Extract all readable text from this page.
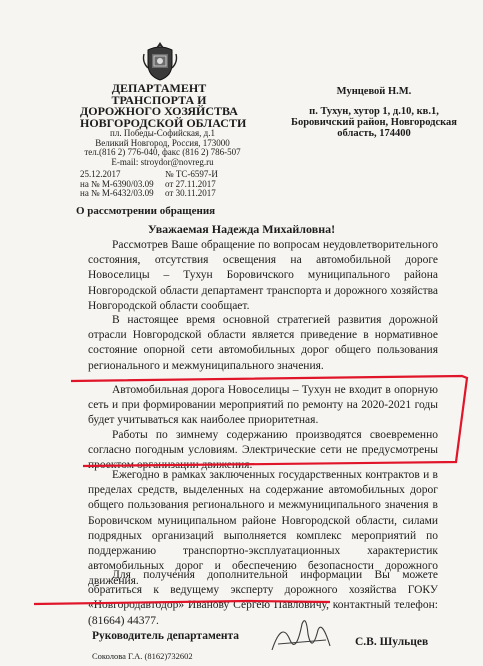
ДЕПАРТАМЕНТ
ТРАНСПОРТА И
ДОРОЖНОГО ХОЗЯЙСТВА
НОВГОРОДСКОЙ ОБЛАСТИ
пл. Победы-Софийская, д.1
Великий Новгород, Россия, 173000
тел.(816 2) 776-040, факс (816 2) 786-507
E-mail: stroydor@novreg.ru
25.12.2017
на № М-6390/03.09
на № М-6432/03.09
№ ТС-6597-И
от 27.11.2017
от 30.11.2017
О рассмотрении обращения
Мунцевой Н.М.
п. Тухун, хутор 1, д.10, кв.1,
Боровичский район, Новгородская
область, 174400
Уважаемая Надежда Михайловна!

Рассмотрев Ваше обращение по вопросам неудовлетворительного состояния, отсутствия освещения на автомобильной дороге Новоселицы – Тухун Боровичского муниципального района Новгородской области департамент транспорта и дорожного хозяйства Новгородской области сообщает.

В настоящее время основной стратегией развития дорожной отрасли Новгородской области является приведение в нормативное состояние опорной сети автомобильных дорог общего пользования регионального и межмуниципального значения.

Автомобильная дорога Новоселицы – Тухун не входит в опорную сеть и при формировании мероприятий по ремонту на 2020-2021 годы будет учитываться как наиболее приоритетная.

Работы по зимнему содержанию производятся своевременно согласно погодным условиям. Электрические сети не предусмотрены проектом организации движения.

Ежегодно в рамках заключенных государственных контрактов и в пределах средств, выделенных на содержание автомобильных дорог общего пользования регионального и межмуниципального значения в Боровичском муниципальном районе Новгородской области, силами подрядных организаций выполняется комплекс мероприятий по поддержанию транспортно-эксплуатационных характеристик автомобильных дорог и обеспечению безопасности дорожного движения.

Для получения дополнительной информации Вы можете обратиться к ведущему эксперту дорожного хозяйства ГОКУ «Новгородавтодор» Иванову Сергею Павловичу, контактный телефон: (81664) 44377.

Руководитель департамента	С.В. Шульцев
Соколова Г.А. (8162)732602
